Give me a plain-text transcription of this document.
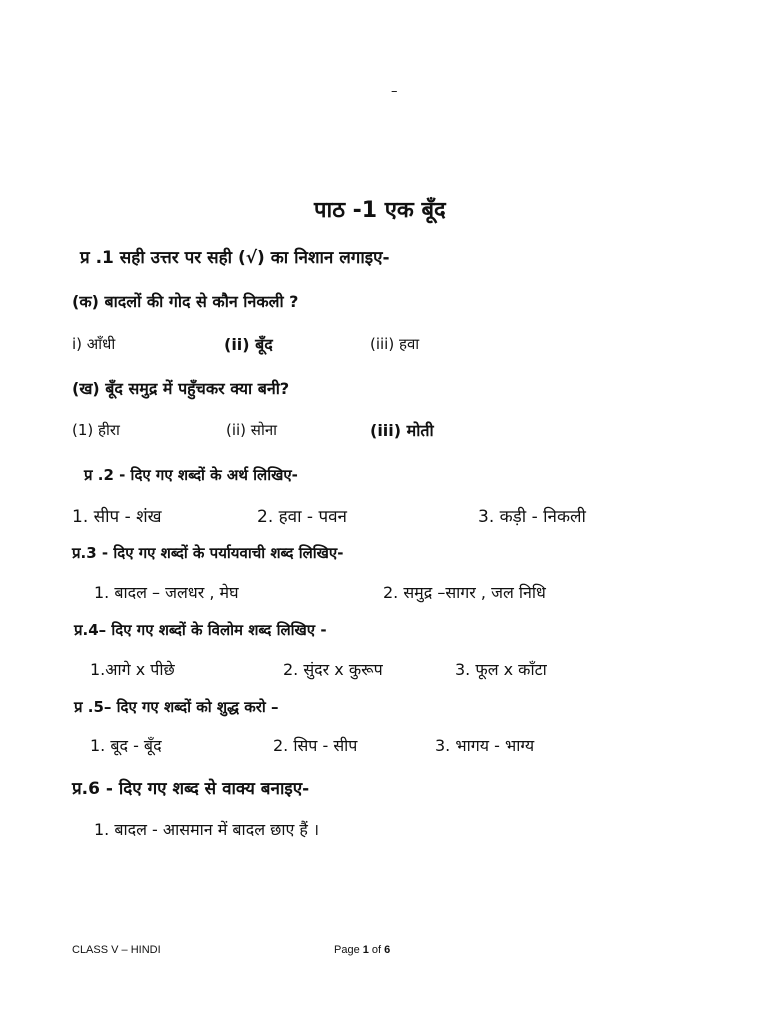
–
पाठ -1 एक बूँद
प्र .1 सही उत्तर पर सही (√) का निशान लगाइए-
(क) बादलों की गोद से कौन निकली ?
i) आँधी	(ii) बूँद	(iii) हवा
(ख) बूँद समुद्र में पहुँचकर क्या बनी?
(1) हीरा	(ii) सोना	(iii) मोती
प्र .2 - दिए गए शब्दों के अर्थ लिखिए-
1. सीप - शंख	2. हवा - पवन	3. कड़ी - निकली
प्र.3 - दिए गए शब्दों के पर्यायवाची शब्द लिखिए-
1. बादल – जलधर , मेघ	2. समुद्र –सागर , जल निधि
प्र.4– दिए गए शब्दों के विलोम शब्द लिखिए -
1.आगे x पीछे	2. सुंदर x कुरूप	3. फूल x काँटा
प्र .5– दिए गए शब्दों को शुद्ध करो –
1. बूद - बूँद	2. सिप - सीप	3. भागय - भाग्य
प्र.6 - दिए गए शब्द से वाक्य बनाइए-
1. बादल - आसमान में बादल छाए हैं ।
CLASS V – HINDI	Page 1 of 6
